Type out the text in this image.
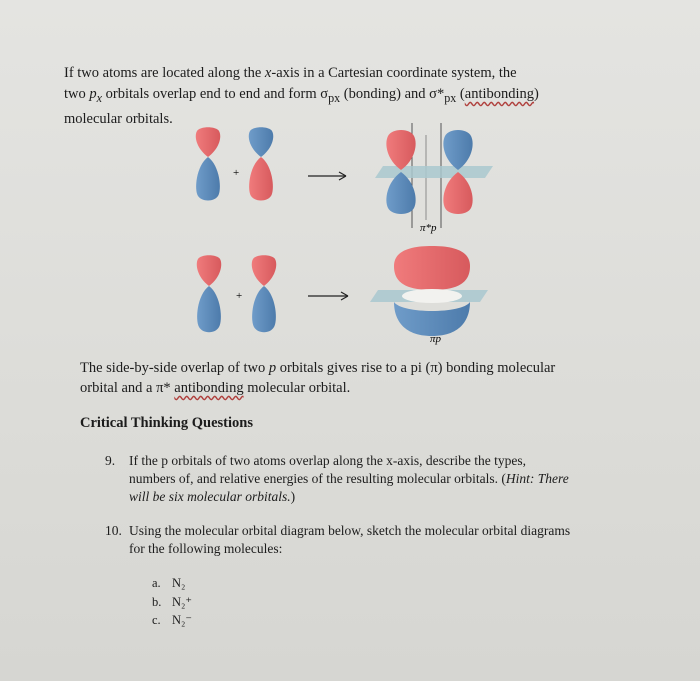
If two atoms are located along the x-axis in a Cartesian coordinate system, the
two $p_x$ orbitals overlap end to end and form $\sigma_{px}$ (bonding) and $\sigma*_{px}$ (antibonding)
molecular orbitals.
+
π*p
+
πp
The side-by-side overlap of two p orbitals gives rise to a pi (π) bonding molecular
orbital and a π* antibonding molecular orbital.
Critical Thinking Questions
9. If the p orbitals of two atoms overlap along the x-axis, describe the types,
numbers of, and relative energies of the resulting molecular orbitals. (Hint: There
will be six molecular orbitals.)
10. Using the molecular orbital diagram below, sketch the molecular orbital diagrams
for the following molecules:
a. N₂
b. N₂⁺
c. N₂⁻
